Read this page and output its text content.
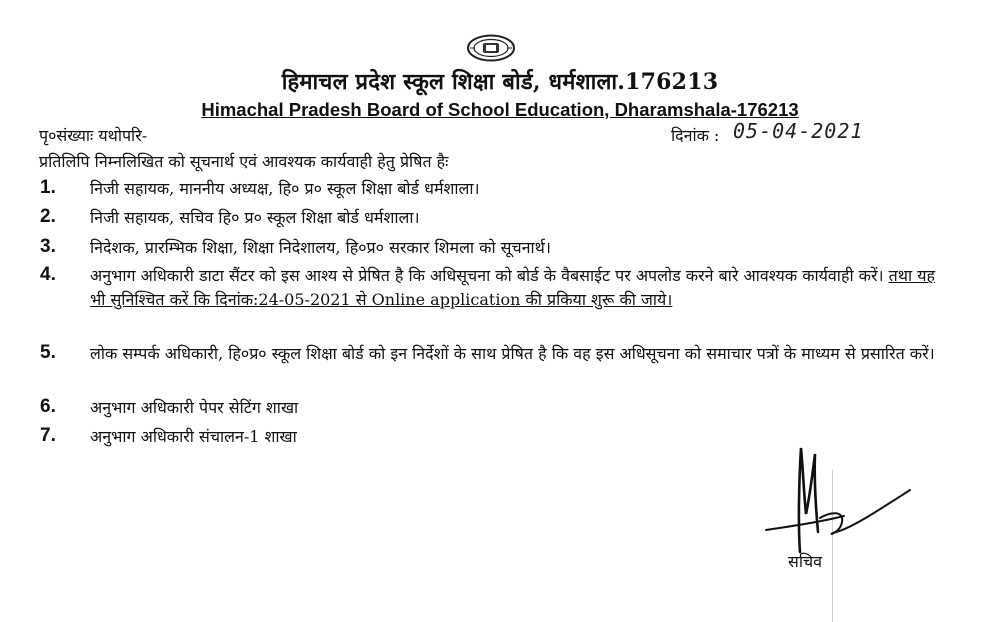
हिमाचल प्रदेश स्कूल शिक्षा बोर्ड, धर्मशाला.176213
Himachal Pradesh Board of School Education, Dharamshala-176213
पृ०संख्याः यथोपरि-	दिनांक : 05-04-2021
प्रतिलिपि निम्नलिखित को सूचनार्थ एवं आवश्यक कार्यवाही हेतु प्रेषित हैः
1. निजी सहायक, माननीय अध्यक्ष, हि० प्र० स्कूल शिक्षा बोर्ड धर्मशाला।
2. निजी सहायक, सचिव हि० प्र० स्कूल शिक्षा बोर्ड धर्मशाला।
3. निदेशक, प्रारम्भिक शिक्षा, शिक्षा निदेशालय, हि०प्र० सरकार शिमला को सूचनार्थ।
4. अनुभाग अधिकारी डाटा सैंटर को इस आश्य से प्रेषित है कि अधिसूचना को बोर्ड के वैबसाईट पर अपलोड करने बारे आवश्यक कार्यवाही करें। तथा यह भी सुनिश्चित करें कि दिनांक:24-05-2021 से Online application की प्रकिया शुरू की जाये।
5. लोक सम्पर्क अधिकारी, हि०प्र० स्कूल शिक्षा बोर्ड को इन निर्देशों के साथ प्रेषित है कि वह इस अधिसूचना को समाचार पत्रों के माध्यम से प्रसारित करें।
6. अनुभाग अधिकारी पेपर सेटिंग शाखा
7. अनुभाग अधिकारी संचालन-1 शाखा
सचिव
